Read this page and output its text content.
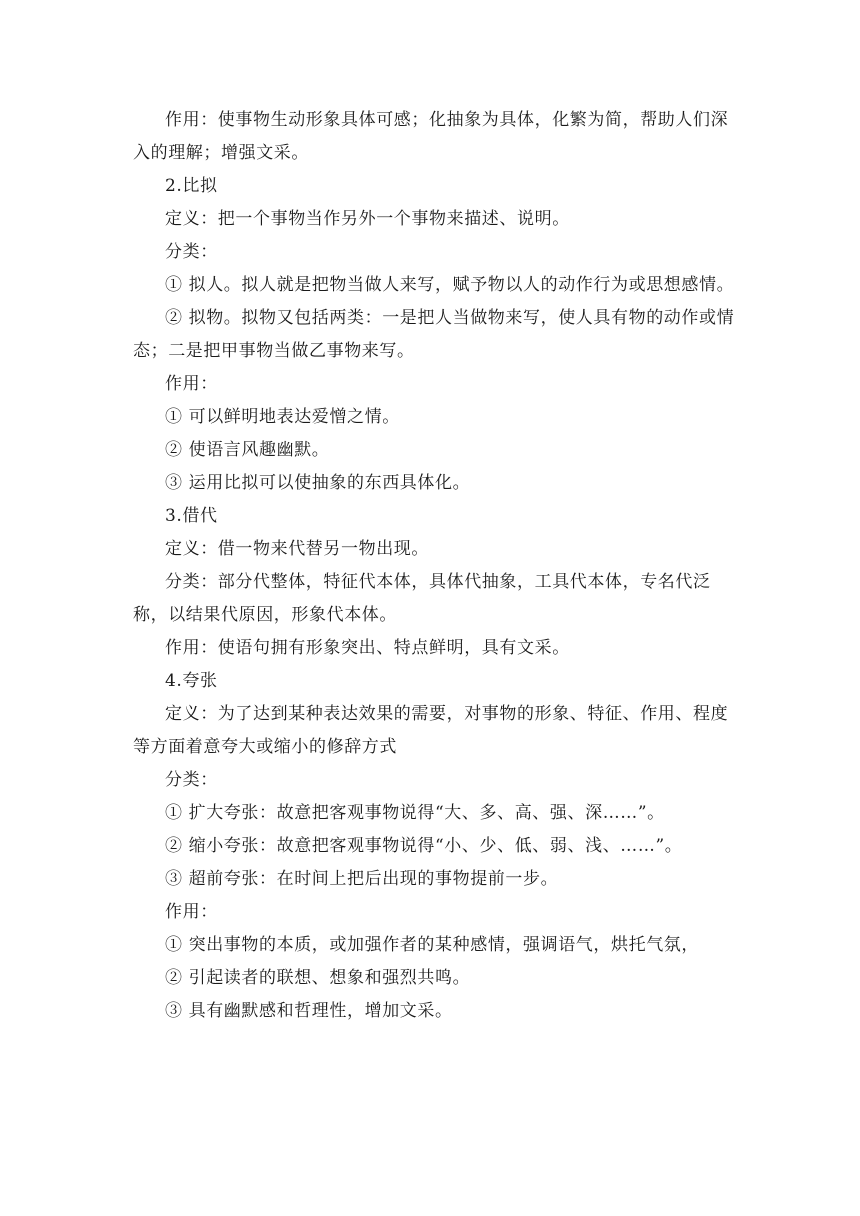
作用：使事物生动形象具体可感；化抽象为具体，化繁为简，帮助人们深
入的理解；增强文采。
2.比拟
定义：把一个事物当作另外一个事物来描述、说明。
分类：
① 拟人。拟人就是把物当做人来写，赋予物以人的动作行为或思想感情。
② 拟物。拟物又包括两类：一是把人当做物来写，使人具有物的动作或情
态；二是把甲事物当做乙事物来写。
作用：
① 可以鲜明地表达爱憎之情。
② 使语言风趣幽默。
③ 运用比拟可以使抽象的东西具体化。
3.借代
定义：借一物来代替另一物出现。
分类：部分代整体，特征代本体，具体代抽象，工具代本体，专名代泛
称，以结果代原因，形象代本体。
作用：使语句拥有形象突出、特点鲜明，具有文采。
4.夸张
定义：为了达到某种表达效果的需要，对事物的形象、特征、作用、程度
等方面着意夸大或缩小的修辞方式
分类：
① 扩大夸张：故意把客观事物说得“大、多、高、强、深……”。
② 缩小夸张：故意把客观事物说得“小、少、低、弱、浅、……”。
③ 超前夸张：在时间上把后出现的事物提前一步。
作用：
① 突出事物的本质，或加强作者的某种感情，强调语气，烘托气氛，
② 引起读者的联想、想象和强烈共鸣。
③ 具有幽默感和哲理性，增加文采。
